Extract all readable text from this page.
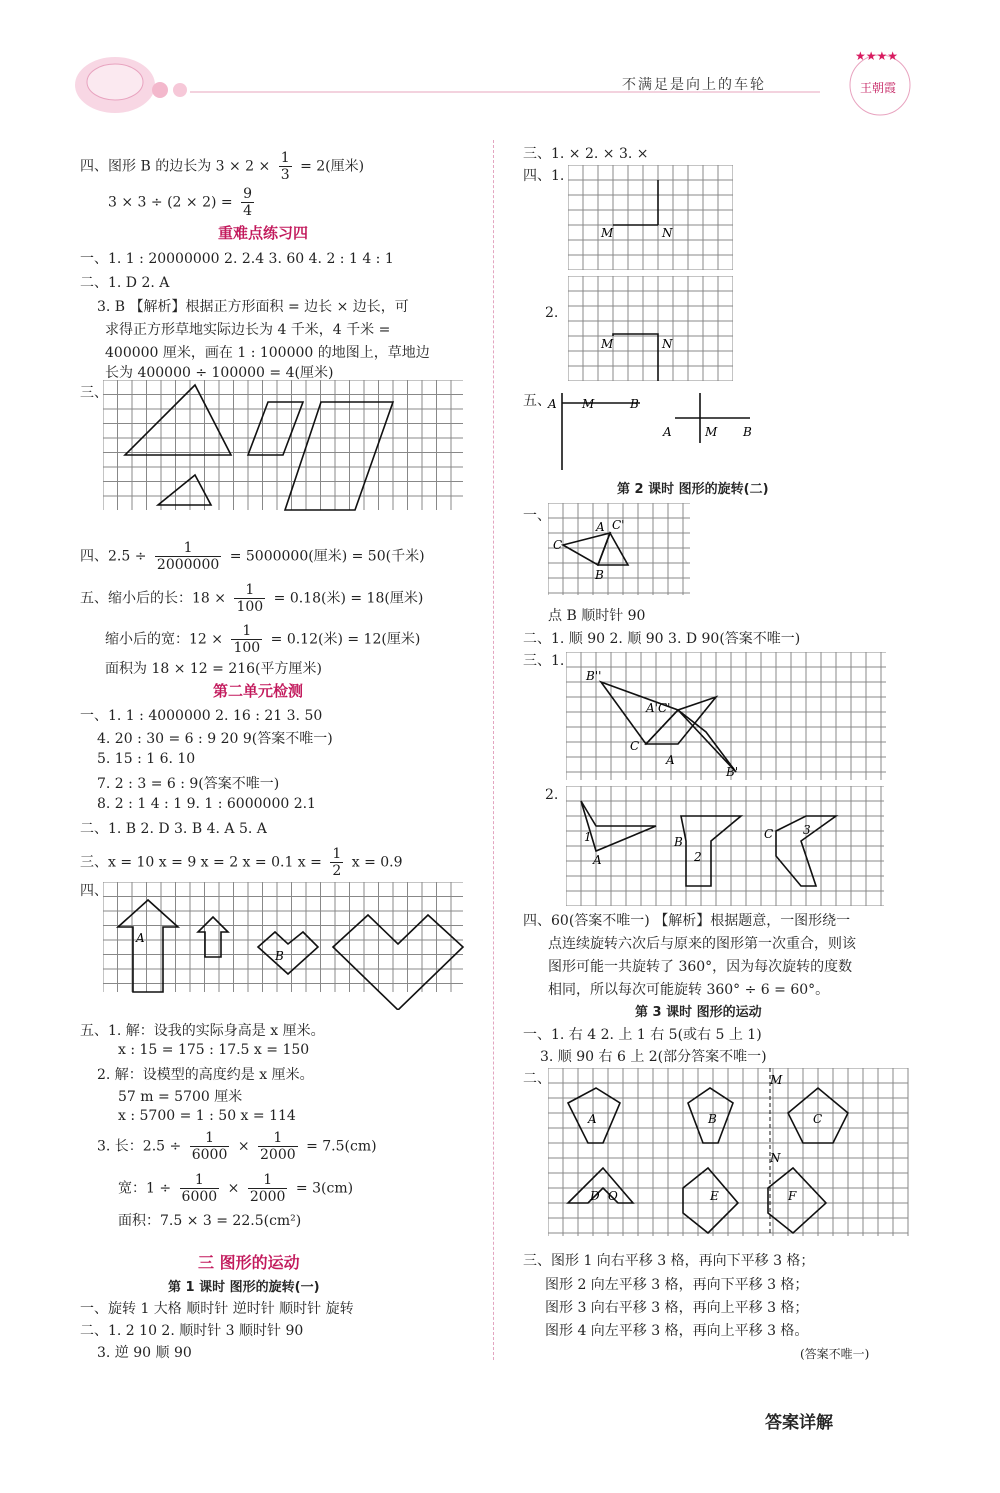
★★★★
王朝霞
不满足是向上的车轮
四、图形 B 的边长为 $3 \times 2 \times \frac{1}{3} = 2$(厘米)
$3 \times 3 \div (2 \times 2) = \frac{9}{4}$
重难点练习四
一、1. 1 : 20000000 2. 2.4 3. 60 4. 2 : 1 4 : 1
二、1. D 2. A
3. B 【解析】根据正方形面积 = 边长 × 边长，可
求得正方形草地实际边长为 4 千米，4 千米 =
400000 厘米，画在 1 : 100000 的地图上，草地边
长为 400000 ÷ 100000 = 4(厘米)
三、
四、$2.5 \div \frac{1}{2000000} = 5000000$(厘米) = 50(千米)
五、缩小后的长：$18 \times \frac{1}{100} = 0.18$(米) = 18(厘米)
缩小后的宽：$12 \times \frac{1}{100} = 0.12$(米) = 12(厘米)
面积为 18 × 12 = 216(平方厘米)
第二单元检测
一、1. 1 : 4000000 2. 16 : 21 3. 50
4. 20 : 30 = 6 : 9 20 9(答案不唯一)
5. 15 : 1 6. 10
7. 2 : 3 = 6 : 9(答案不唯一)
8. 2 : 1 4 : 1 9. 1 : 6000000 2.1
二、1. B 2. D 3. B 4. A 5. A
三、x = 10 x = 9 x = 2 x = 0.1 $x = \frac{1}{2}$ x = 0.9
四、
A
B
五、1. 解：设我的实际身高是 x 厘米。
x : 15 = 175 : 17.5 x = 150
2. 解：设模型的高度约是 x 厘米。
57 m = 5700 厘米
x : 5700 = 1 : 50 x = 114
3. 长：$2.5 \div \frac{1}{6000} \times \frac{1}{2000} = 7.5(cm)$
宽：$1 \div \frac{1}{6000} \times \frac{1}{2000} = 3(cm)$
面积：7.5 × 3 = 22.5(cm²)
三 图形的运动
第 1 课时 图形的旋转(一)
一、旋转 1 大格 顺时针 逆时针 顺时针 旋转
二、1. 2 10 2. 顺时针 3 顺时针 90
3. 逆 90 顺 90
三、1. × 2. × 3. ×
四、1.
M	N
2.
M	N
五、
A M	B
A	M B
第 2 课时 图形的旋转(二)
一、
C
A C'
B
点 B 顺时针 90
二、1. 顺 90 2. 顺 90 3. D 90(答案不唯一)
三、1.
B''
A'C'
C
A
B'
2.
1
A	2
B
3
C
四、60(答案不唯一) 【解析】根据题意，一图形绕一
点连续旋转六次后与原来的图形第一次重合，则该
图形可能一共旋转了 360°，因为每次旋转的度数
相同，所以每次可能旋转 360° ÷ 6 = 60°。
第 3 课时 图形的运动
一、1. 右 4 2. 上 1 右 5(或右 5 上 1)
3. 顺 90 右 6 上 2(部分答案不唯一)
二、	M
N
A	B	C
D O	E	F
三、图形 1 向右平移 3 格，再向下平移 3 格；
图形 2 向左平移 3 格，再向下平移 3 格；
图形 3 向右平移 3 格，再向上平移 3 格；
图形 4 向左平移 3 格，再向上平移 3 格。
(答案不唯一)
答案详解
